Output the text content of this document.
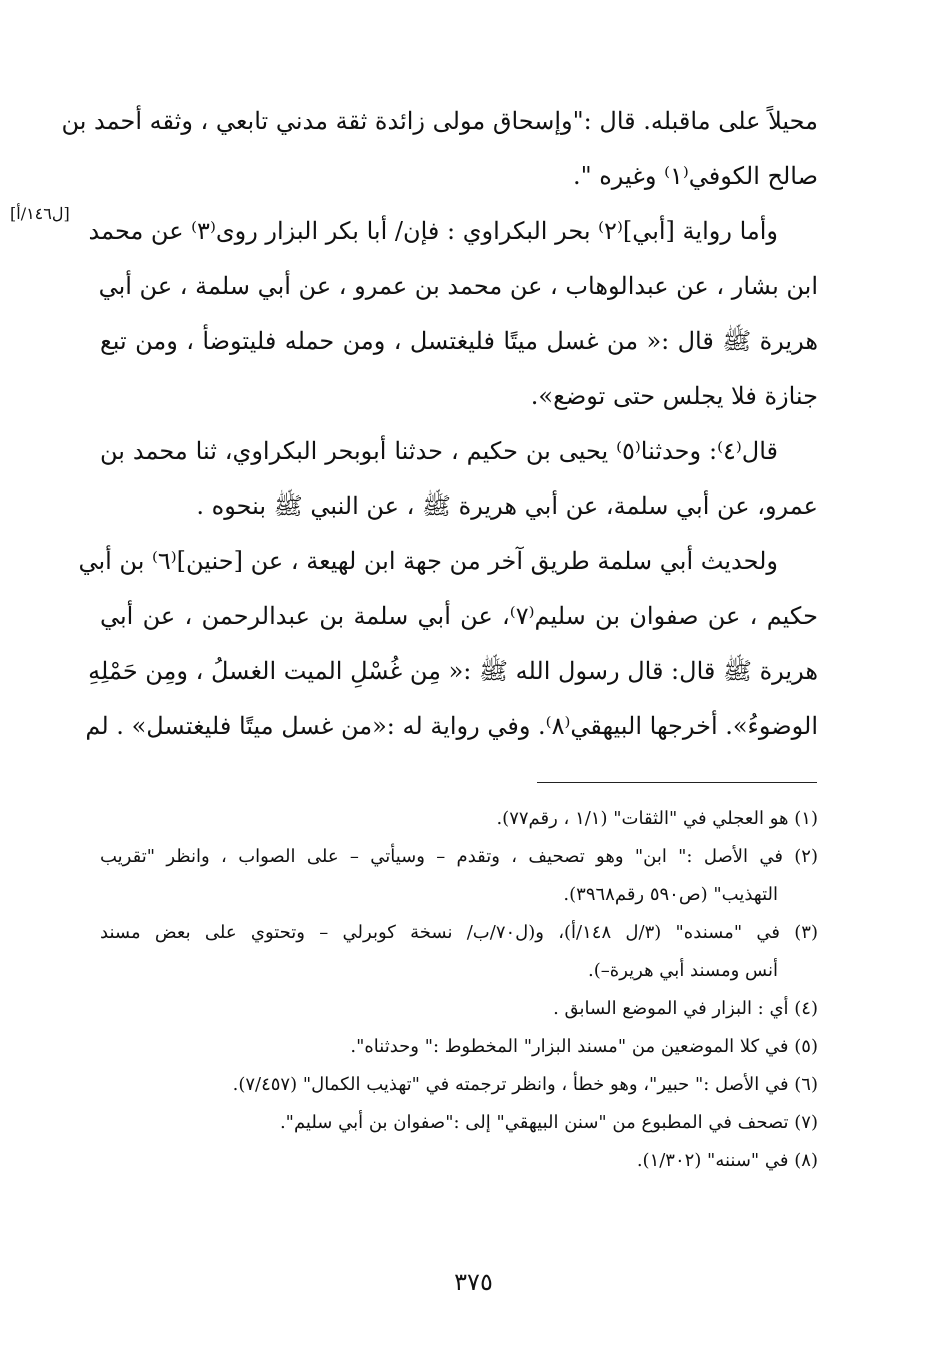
[ل١٤٦/أ]
محيلاً على ماقبله. قال :"وإسحاق مولى زائدة ثقة مدني تابعي ، وثقه أحمد بن
صالح الكوفي⁽١⁾ وغيره ".
وأما رواية [أبي]⁽٢⁾ بحر البكراوي : فإن/ أبا بكر البزار روى⁽٣⁾ عن محمد
ابن بشار ، عن عبدالوهاب ، عن محمد بن عمرو ، عن أبي سلمة ، عن أبي
هريرة ﷺ قال :« من غسل ميتًا فليغتسل ، ومن حمله فليتوضأ ، ومن تبع
جنازة فلا يجلس حتى توضع».
قال⁽٤⁾: وحدثنا⁽٥⁾ يحيى بن حكيم ، حدثنا أبوبحر البكراوي، ثنا محمد بن
عمرو، عن أبي سلمة، عن أبي هريرة ﷺ ، عن النبي ﷺ بنحوه .
ولحديث أبي سلمة طريق آخر من جهة ابن لهيعة ، عن [حنين]⁽٦⁾ بن أبي
حكيم ، عن صفوان بن سليم⁽٧⁾، عن أبي سلمة بن عبدالرحمن ، عن أبي
هريرة ﷺ قال: قال رسول الله ﷺ :« مِن غُسْلِ الميت الغسلُ ، ومِن حَمْلِهِ
الوضوءُ». أخرجها البيهقي⁽٨⁾. وفي رواية له :«من غسل ميتًا فليغتسل» . لم
(١) هو العجلي في "الثقات" (١/١ ، رقم٧٧).
(٢) في الأصل :" ابن" وهو تصحيف ، وتقدم – وسيأتي – على الصواب ، وانظر "تقريب
التهذيب" (ص٥٩٠ رقم٣٩٦٨).
(٣) في "مسنده" (٣/ل ١٤٨/أ)، و(ل٧٠/ب/ نسخة كوبرلي – وتحتوي على بعض مسند
أنس ومسند أبي هريرة–).
(٤) أي : البزار في الموضع السابق .
(٥) في كلا الموضعين من "مسند البزار" المخطوط :" وحدثناه".
(٦) في الأصل :" حبير"، وهو خطأ ، وانظر ترجمته في "تهذيب الكمال" (٧/٤٥٧).
(٧) تصحف في المطبوع من "سنن البيهقي" إلى :"صفوان بن أبي سليم".
(٨) في "سننه" (١/٣٠٢).
٣٧٥
